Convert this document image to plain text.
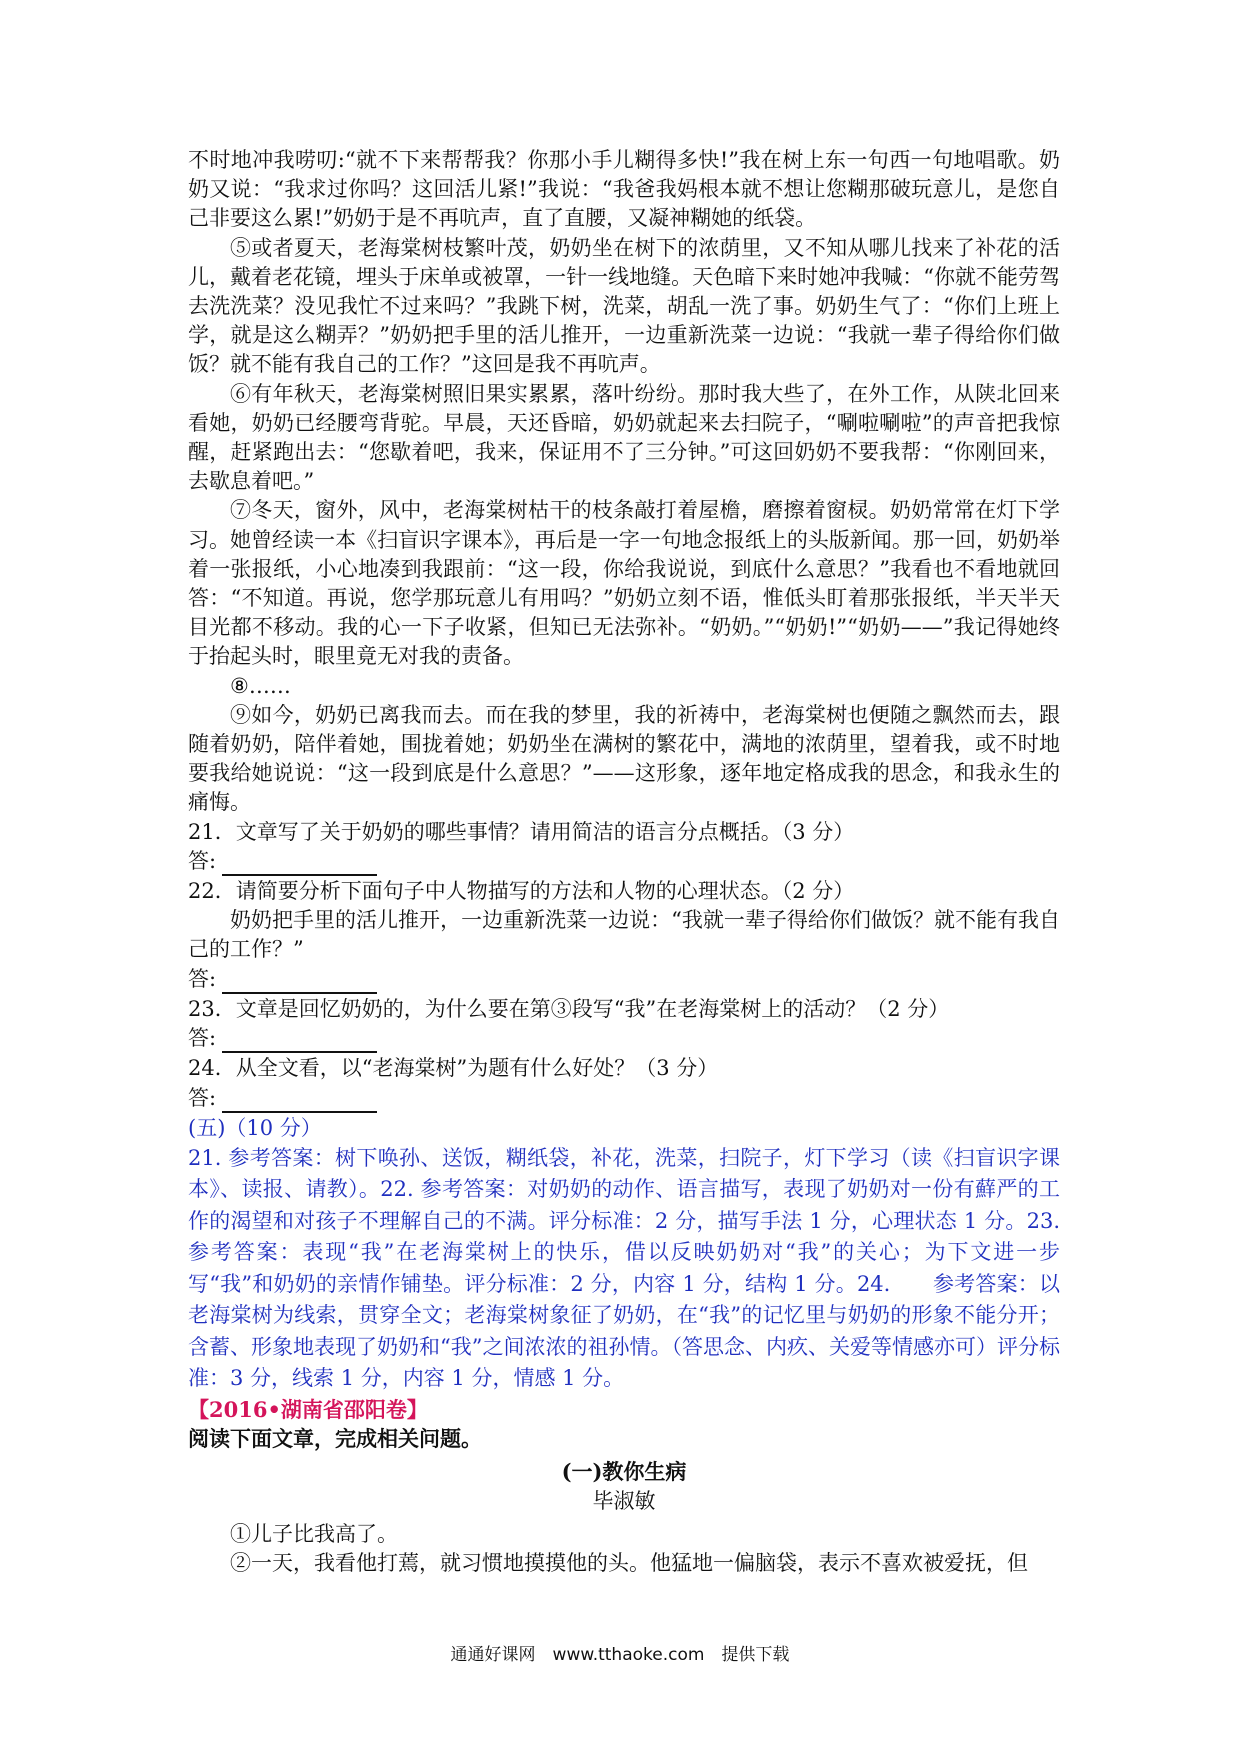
不时地冲我唠叨:“就不下来帮帮我？你那小手儿糊得多快!”我在树上东一句西一句地唱歌。奶奶又说：“我求过你吗？这回活儿紧!”我说：“我爸我妈根本就不想让您糊那破玩意儿，是您自己非要这么累!”奶奶于是不再吭声，直了直腰，又凝神糊她的纸袋。

⑤或者夏天，老海棠树枝繁叶茂，奶奶坐在树下的浓荫里，又不知从哪儿找来了补花的活儿，戴着老花镜，埋头于床单或被罩，一针一线地缝。天色暗下来时她冲我喊：“你就不能劳驾去洗洗菜？没见我忙不过来吗？”我跳下树，洗菜，胡乱一洗了事。奶奶生气了：“你们上班上学，就是这么糊弄？”奶奶把手里的活儿推开，一边重新洗菜一边说：“我就一辈子得给你们做饭？就不能有我自己的工作？”这回是我不再吭声。

⑥有年秋天，老海棠树照旧果实累累，落叶纷纷。那时我大些了，在外工作，从陕北回来看她，奶奶已经腰弯背驼。早晨，天还昏暗，奶奶就起来去扫院子，“唰啦唰啦”的声音把我惊醒，赶紧跑出去：“您歇着吧，我来，保证用不了三分钟。”可这回奶奶不要我帮：“你刚回来，去歇息着吧。”

⑦冬天，窗外，风中，老海棠树枯干的枝条敲打着屋檐，磨擦着窗棂。奶奶常常在灯下学习。她曾经读一本《扫盲识字课本》，再后是一字一句地念报纸上的头版新闻。那一回，奶奶举着一张报纸，小心地凑到我跟前：“这一段，你给我说说，到底什么意思？”我看也不看地就回答：“不知道。再说，您学那玩意儿有用吗？”奶奶立刻不语，惟低头盯着那张报纸，半天半天目光都不移动。我的心一下子收紧，但知已无法弥补。“奶奶。”“奶奶!”“奶奶——”我记得她终于抬起头时，眼里竟无对我的责备。

⑧……

⑨如今，奶奶已离我而去。而在我的梦里，我的祈祷中，老海棠树也便随之飘然而去，跟随着奶奶，陪伴着她，围拢着她；奶奶坐在满树的繁花中，满地的浓荫里，望着我，或不时地要我给她说说：“这一段到底是什么意思？”——这形象，逐年地定格成我的思念，和我永生的痛悔。

21．文章写了关于奶奶的哪些事情？请用简洁的语言分点概括。（3 分）

答:

22．请简要分析下面句子中人物描写的方法和人物的心理状态。（2 分）

奶奶把手里的活儿推开，一边重新洗菜一边说：“我就一辈子得给你们做饭？就不能有我自己的工作？”

答:

23．文章是回忆奶奶的，为什么要在第③段写“我”在老海棠树上的活动？（2 分）

答:

24．从全文看，以“老海棠树”为题有什么好处？（3 分）

答:

(五)（10 分）

21. 参考答案：树下唤孙、送饭，糊纸袋，补花，洗菜，扫院子，灯下学习（读《扫盲识字课本》、读报、请教）。22. 参考答案：对奶奶的动作、语言描写，表现了奶奶对一份有蘚严的工作的渴望和对孩子不理解自己的不满。评分标准：2 分，描写手法 1 分，心理状态 1 分。23. 参考答案：表现“我”在老海棠树上的快乐，借以反映奶奶对“我”的关心；为下文进一步写“我”和奶奶的亲情作铺垫。评分标准：2 分，内容 1 分，结构 1 分。24.　　参考答案：以老海棠树为线索，贯穿全文；老海棠树象征了奶奶，在“我”的记忆里与奶奶的形象不能分开；含蓄、形象地表现了奶奶和“我”之间浓浓的祖孙情。（答思念、内疚、关爱等情感亦可）评分标准：3 分，线索 1 分，内容 1 分，情感 1 分。

【2016•湖南省邵阳卷】

阅读下面文章，完成相关问题。

(一)教你生病

毕淑敏

①儿子比我高了。

②一天，我看他打蔫，就习惯地摸摸他的头。他猛地一偏脑袋，表示不喜欢被爱抚，但

通通好课网　www.tthaoke.com　提供下载
